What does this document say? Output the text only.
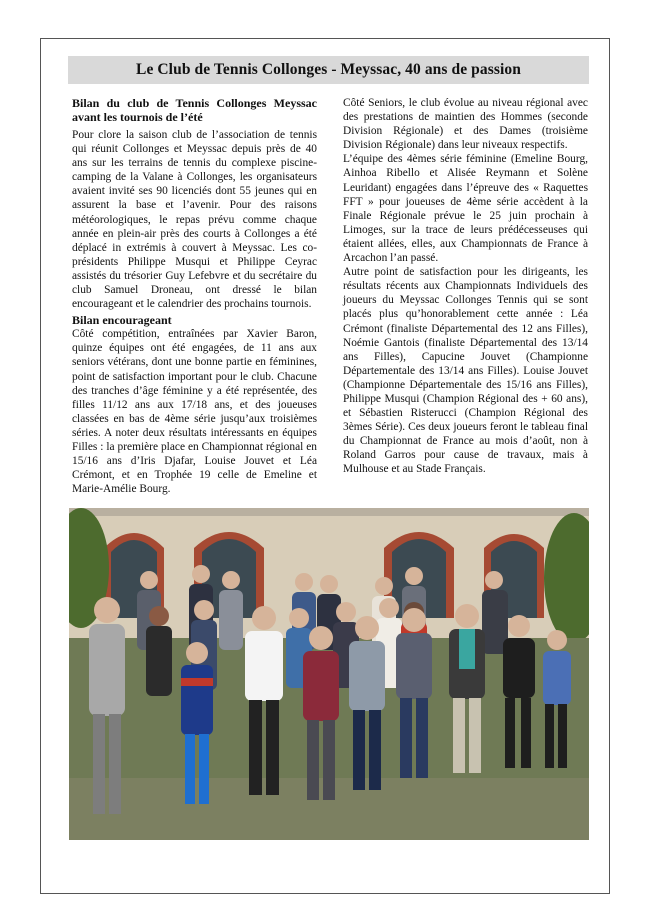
Le Club de Tennis Collonges - Meyssac, 40 ans de passion

Bilan du club de Tennis Collonges Meyssac avant les tournois de l’été

Pour clore la saison club de l’association de tennis qui réunit Collonges et Meyssac depuis près de 40 ans sur les terrains de tennis du complexe piscine-camping de la Valane à Collonges, les organisateurs avaient invité ses 90 licenciés dont 55 jeunes qui en assurent la base et l’avenir. Pour des raisons météorologiques, le repas prévu comme chaque année en plein-air près des courts à Collonges a été déplacé in extrémis à couvert à Meyssac. Les co-présidents Philippe Musqui et Philippe Ceyrac assistés du trésorier Guy Lefebvre et du secrétaire du club Samuel Droneau, ont dressé le bilan encourageant et le calendrier des prochains tournois.

Bilan encourageant

Côté compétition, entraînées par Xavier Baron, quinze équipes ont été engagées, de 11 ans aux seniors vétérans, dont une bonne partie en féminines, point de satisfaction important pour le club. Chacune des tranches d’âge féminine y a été représentée, des filles 11/12 ans aux 17/18 ans, et des joueuses classées en bas de 4ème série jusqu’aux troisièmes séries. A noter deux résultats intéressants en équipes Filles : la première place en Championnat régional en 15/16 ans d’Iris Djafar, Louise Jouvet et Léa Crémont, et en Trophée 19 celle de Emeline et Marie-Amélie Bourg.

Côté Seniors, le club évolue au niveau régional avec des prestations de maintien des Hommes (seconde Division Régionale) et des Dames (troisième Division Régionale) dans leur niveaux respectifs.

L’équipe des 4èmes série féminine (Emeline Bourg, Ainhoa Ribello et Alisée Reymann et Solène Leuridant) engagées dans l’épreuve des « Raquettes FFT » pour joueuses de 4ème série accèdent à la Finale Régionale prévue le 25 juin prochain à Limoges, sur la trace de leurs prédécesseuses qui étaient allées, elles, aux Championnats de France à Arcachon l’an passé.

Autre point de satisfaction pour les dirigeants, les résultats récents aux Championnats Individuels des joueurs du Meyssac Collonges Tennis qui se sont placés plus qu’honorablement cette année : Léa Crémont (finaliste Départemental des 12 ans Filles), Noémie Gantois (finaliste Départemental des 13/14 ans Filles), Capucine Jouvet (Championne Départementale des 13/14 ans Filles). Louise Jouvet (Championne Départementale des 15/16 ans Filles), Philippe Musqui (Champion Régional des + 60 ans), et Sébastien Risterucci (Champion Régional des 3èmes Série). Ces deux joueurs feront le tableau final du Championnat de France au mois d’août, non à Roland Garros pour cause de travaux, mais à Mulhouse et au Stade Français.
